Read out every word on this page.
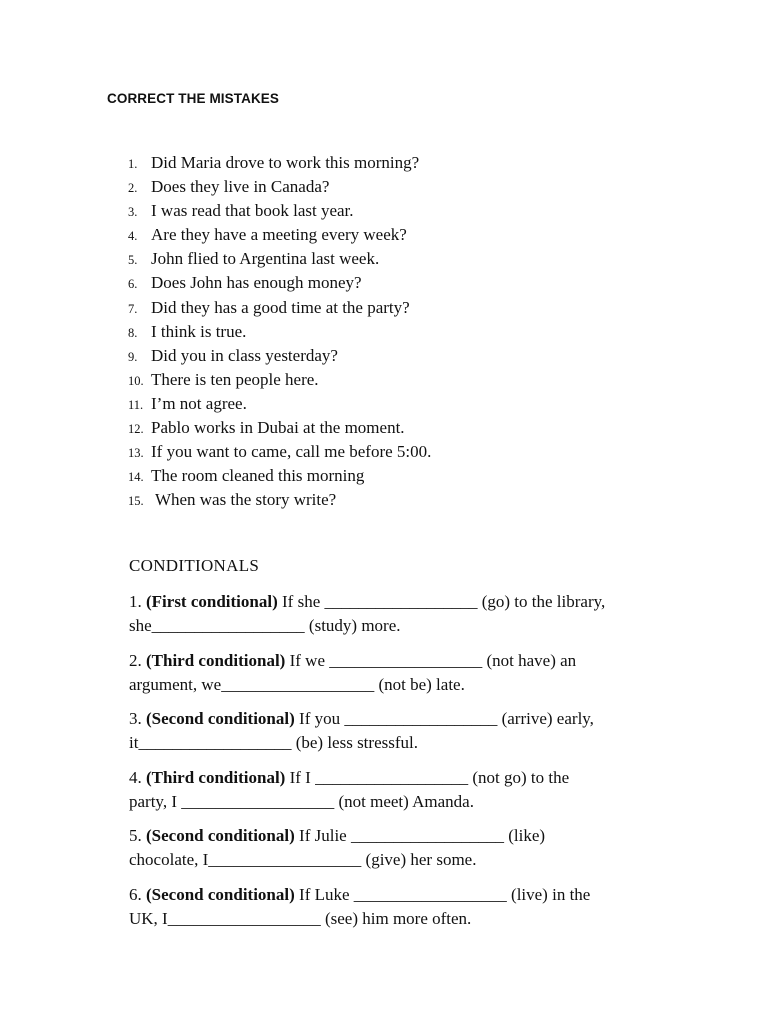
CORRECT THE MISTAKES
1. Did Maria drove to work this morning?
2. Does they live in Canada?
3. I was read that book last year.
4. Are they have a meeting every week?
5. John flied to Argentina last week.
6. Does John has enough money?
7. Did they has a good time at the party?
8. I think is true.
9. Did you in class yesterday?
10. There is ten people here.
11. I’m not agree.
12. Pablo works in Dubai at the moment.
13. If you want to came, call me before 5:00.
14. The room cleaned this morning
15. When was the story write?
CONDITIONALS
1. (First conditional) If she __________________ (go) to the library,
she__________________ (study) more.
2. (Third conditional) If we __________________ (not have) an
argument, we__________________ (not be) late.
3. (Second conditional) If you __________________ (arrive) early,
it__________________ (be) less stressful.
4. (Third conditional) If I __________________ (not go) to the
party, I __________________ (not meet) Amanda.
5. (Second conditional) If Julie __________________ (like)
chocolate, I__________________ (give) her some.
6. (Second conditional) If Luke __________________ (live) in the
UK, I__________________ (see) him more often.
